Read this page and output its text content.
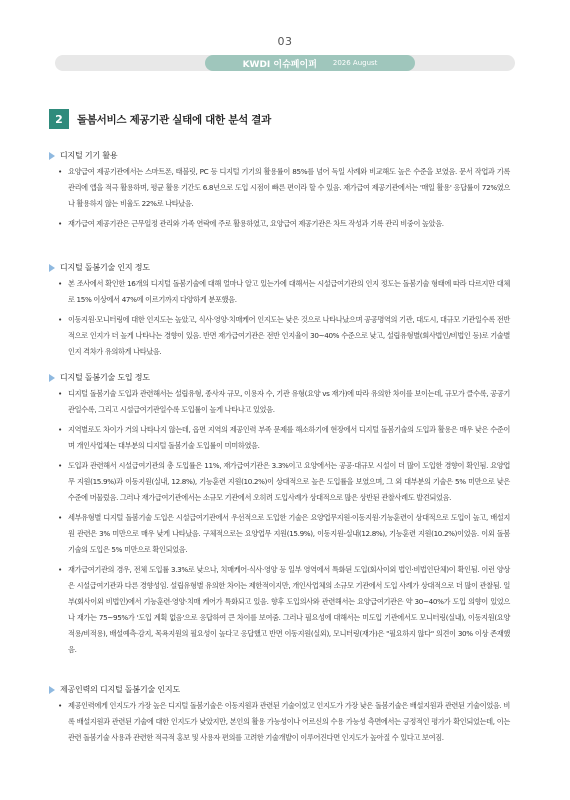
03
KWDI 이슈페이퍼 2026 August
2	돌봄서비스 제공기관 실태에 대한 분석 결과
디지털 기기 활용
• 요양급여 제공기관에서는 스마트폰, 태블릿, PC 등 디지털 기기의 활용률이 85%를 넘어 독일 사례와 비교해도 높은 수준을 보였음. 문서 작업과 기록 관리에 앱을 적극 활용하며, 평균 활용 기간도 6.8년으로 도입 시점이 빠른 편이라 할 수 있음. 재가급여 제공기관에서는 '매일 활용' 응답률이 72%였으나 활용하지 않는 비율도 22%로 나타났음.
• 재가급여 제공기관은 근무일정 관리와 가족 연락에 주로 활용하였고, 요양급여 제공기관은 차트 작성과 기록 관리 비중이 높았음.
디지털 돌봄기술 인지 정도
• 본 조사에서 확인한 16개의 디지털 돌봄기술에 대해 얼마나 알고 있는가에 대해서는 시설급여기관의 인지 정도는 돌봄기술 형태에 따라 다르지만 대체로 15% 이상에서 47%에 이르기까지 다양하게 분포했음.
• 이동지원·모니터링에 대한 인지도는 높았고, 식사·영양·치매케어 인지도는 낮은 것으로 나타나났으며 공공명역의 기관, 대도시, 대규모 기관일수록 전반적으로 인지가 더 높게 나타나는 경향이 있음. 반면 재가급여기관은 전반 인지율이 30~40% 수준으로 낮고, 설립유형별(회사법인/비법인 등)로 기술별 인지 격차가 유의하게 나타났음.
디지털 돌봄기술 도입 정도
• 디지털 돌봄기술 도입과 관련해서는 설립유형, 종사자 규모, 이용자 수, 기관 유형(요양 vs 재가)에 따라 유의한 차이를 보이는데, 규모가 클수록, 공공기관일수록, 그리고 시설급여기관일수록 도입률이 높게 나타나고 있었음.
• 지역별로도 차이가 거의 나타나지 않는데, 읍면 지역의 제공인력 부족 문제를 해소하기에 현장에서 디지털 돌봄기술의 도입과 활용은 매우 낮은 수준이며 개인사업체는 대부분의 디지털 돌봄기술 도입률이 미미하였음.
• 도입과 관련해서 시설급여기관의 총 도입률은 11%, 재가급여기관은 3.3%이고 요양에서는 공공·대규모 시설이 더 많이 도입한 경향이 확인됨. 요양업무 지원(15.9%)과 이동지원(실내, 12.8%), 기능훈련 지원(10.2%)이 상대적으로 높은 도입률을 보였으며, 그 외 대부분의 기술은 5% 미만으로 낮은 수준에 머물렀음. 그러나 재가급여기관에서는 소규모 기관에서 오히려 도입사례가 상대적으로 많은 상반된 관찰사례도 발견되었음.
• 세부유형별 디지털 돌봄기술 도입은 시설급여기관에서 우선적으로 도입한 기술은 요양업무지원·이동지원·기능훈련이 상대적으로 도입이 높고, 배설지원 관련은 3% 미만으로 매우 낮게 나타났음. 구체적으로는 요양업무 지원(15.9%), 이동지원-실내(12.8%), 기능훈련 지원(10.2%)이었음. 이외 돌봄기술의 도입은 5% 미만으로 확인되었음.
• 재가급여기관의 경우, 전체 도입률 3.3%로 낮으나, 치매케어·식사·영양 등 일부 영역에서 특화된 도입(회사이외 법인·비법인단체)이 확인됨. 이런 양상은 시설급여기관과 다른 경향성임. 설립유형별 유의한 차이는 제한적이지만, 개인사업체의 소규모 기관에서 도입 사례가 상대적으로 더 많이 관찰됨. 일부(회사이외 비법인)에서 기능훈련·영양·치매 케어가 특화되고 있음. 향후 도입의사와 관련해서는 요양급여기관은 약 30~40%가 도입 의향이 있었으나 재가는 75~95%가 '도입 계획 없음'으로 응답하여 큰 차이를 보여줌. 그러나 필요성에 대해서는 미도입 기관에서도 모니터링(실내), 이동지원(요양 적용/비적용), 배설예측·감지, 목욕지원의 필요성이 높다고 응답했고 반면 이동지원(실외), 모니터링(재가)은 "필요하지 않다" 의견이 30% 이상 존재했음.
제공인력의 디지털 돌봄기술 인지도
• 제공인력에게 인지도가 가장 높은 디지털 돌봄기술은 이동지원과 관련된 기술이었고 인지도가 가장 낮은 돌봄기술은 배설지원과 관련된 기술이었음. 비록 배설지원과 관련된 기술에 대한 인지도가 낮았지만, 본인의 활용 가능성이나 어르신의 수용 가능성 측면에서는 긍정적인 평가가 확인되었는데, 이는 관련 돌봄기술 사용과 관련한 적극적 홍보 및 사용자 편의를 고려한 기술개발이 이루어진다면 인지도가 높아질 수 있다고 보여짐.
